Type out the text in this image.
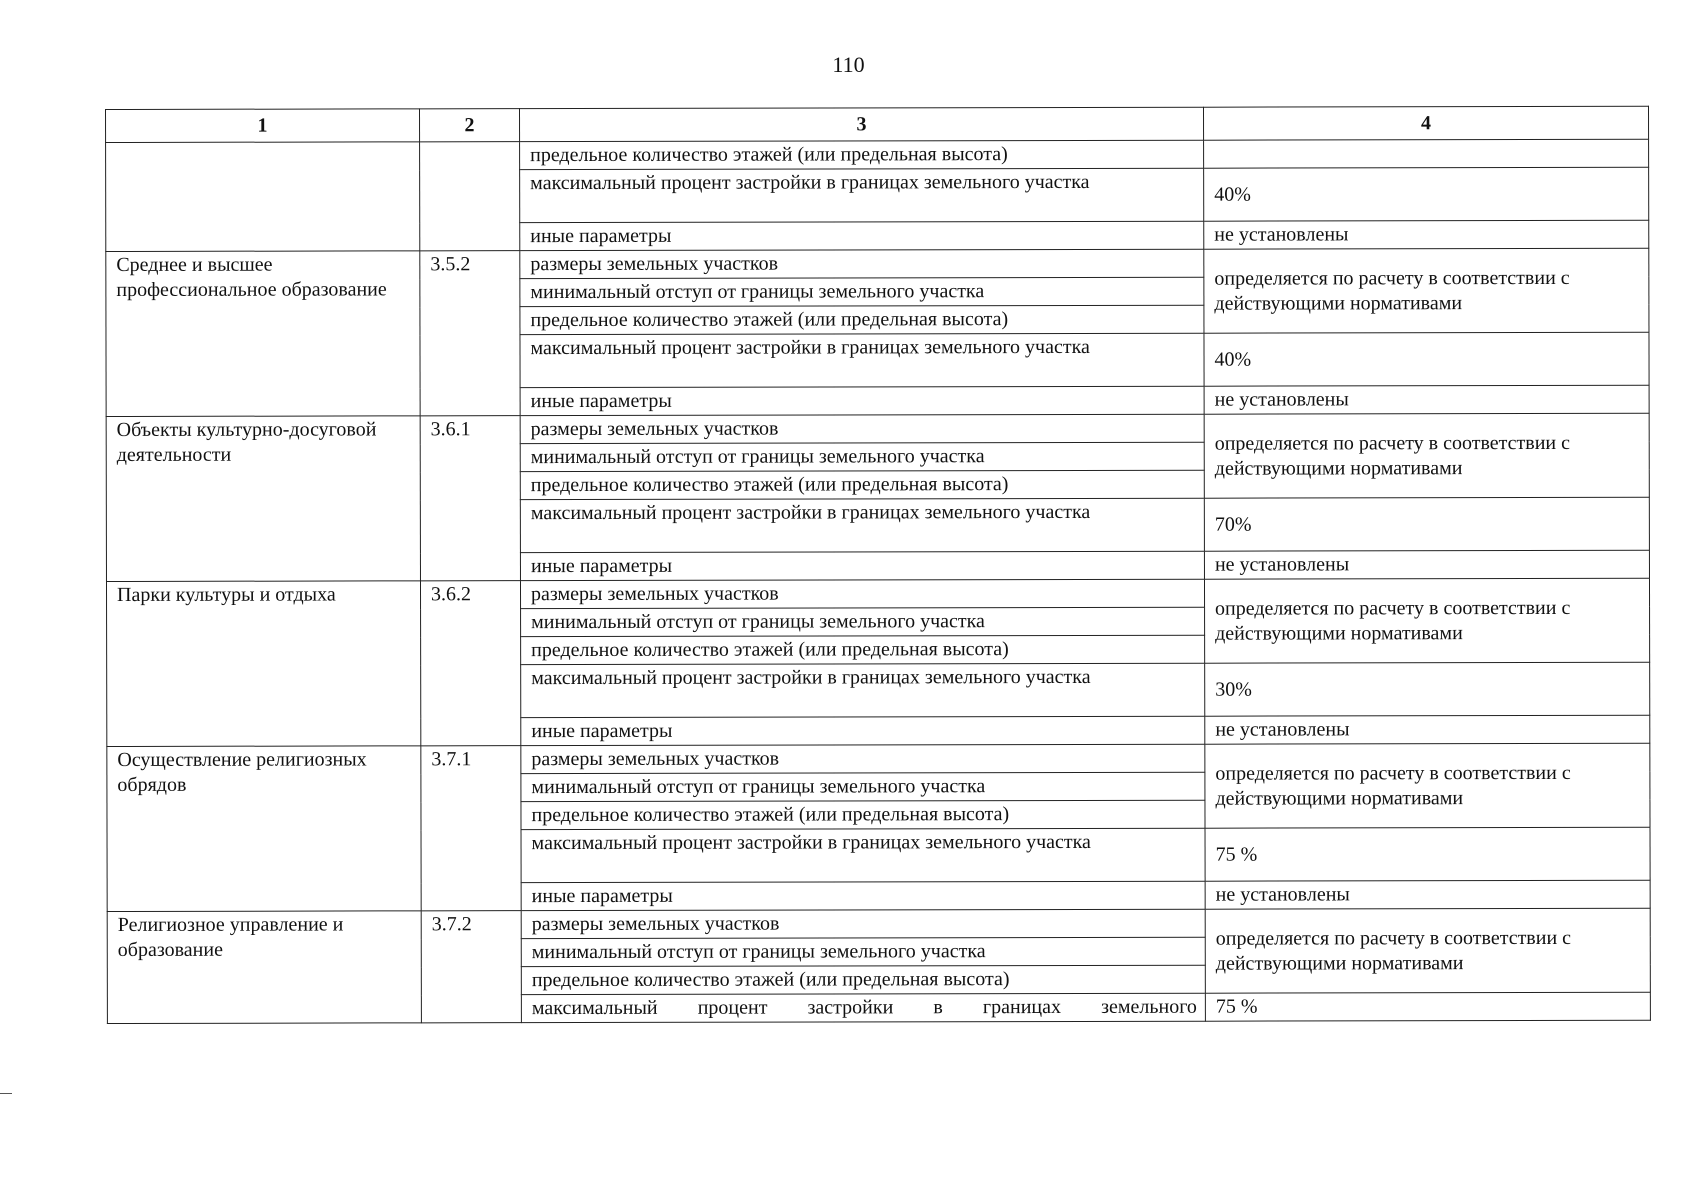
110
1	2	3	4
		предельное количество этажей (или предельная высота)	
		максимальный процент застройки в границах земельного участка	40%
		иные параметры	не установлены
Среднее и высшее профессиональное образование	3.5.2	размеры земельных участков	определяется по расчету в соответствии с действующими нормативами
		минимальный отступ от границы земельного участка	
		предельное количество этажей (или предельная высота)	
		максимальный процент застройки в границах земельного участка	40%
		иные параметры	не установлены
Объекты культурно-досуговой деятельности	3.6.1	размеры земельных участков	определяется по расчету в соответствии с действующими нормативами
		минимальный отступ от границы земельного участка	
		предельное количество этажей (или предельная высота)	
		максимальный процент застройки в границах земельного участка	70%
		иные параметры	не установлены
Парки культуры и отдыха	3.6.2	размеры земельных участков	определяется по расчету в соответствии с действующими нормативами
		минимальный отступ от границы земельного участка	
		предельное количество этажей (или предельная высота)	
		максимальный процент застройки в границах земельного участка	30%
		иные параметры	не установлены
Осуществление религиозных обрядов	3.7.1	размеры земельных участков	определяется по расчету в соответствии с действующими нормативами
		минимальный отступ от границы земельного участка	
		предельное количество этажей (или предельная высота)	
		максимальный процент застройки в границах земельного участка	75 %
		иные параметры	не установлены
Религиозное управление и образование	3.7.2	размеры земельных участков	определяется по расчету в соответствии с действующими нормативами
		минимальный отступ от границы земельного участка	
		предельное количество этажей (или предельная высота)	
		максимальный процент застройки в границах земельного	75 %
